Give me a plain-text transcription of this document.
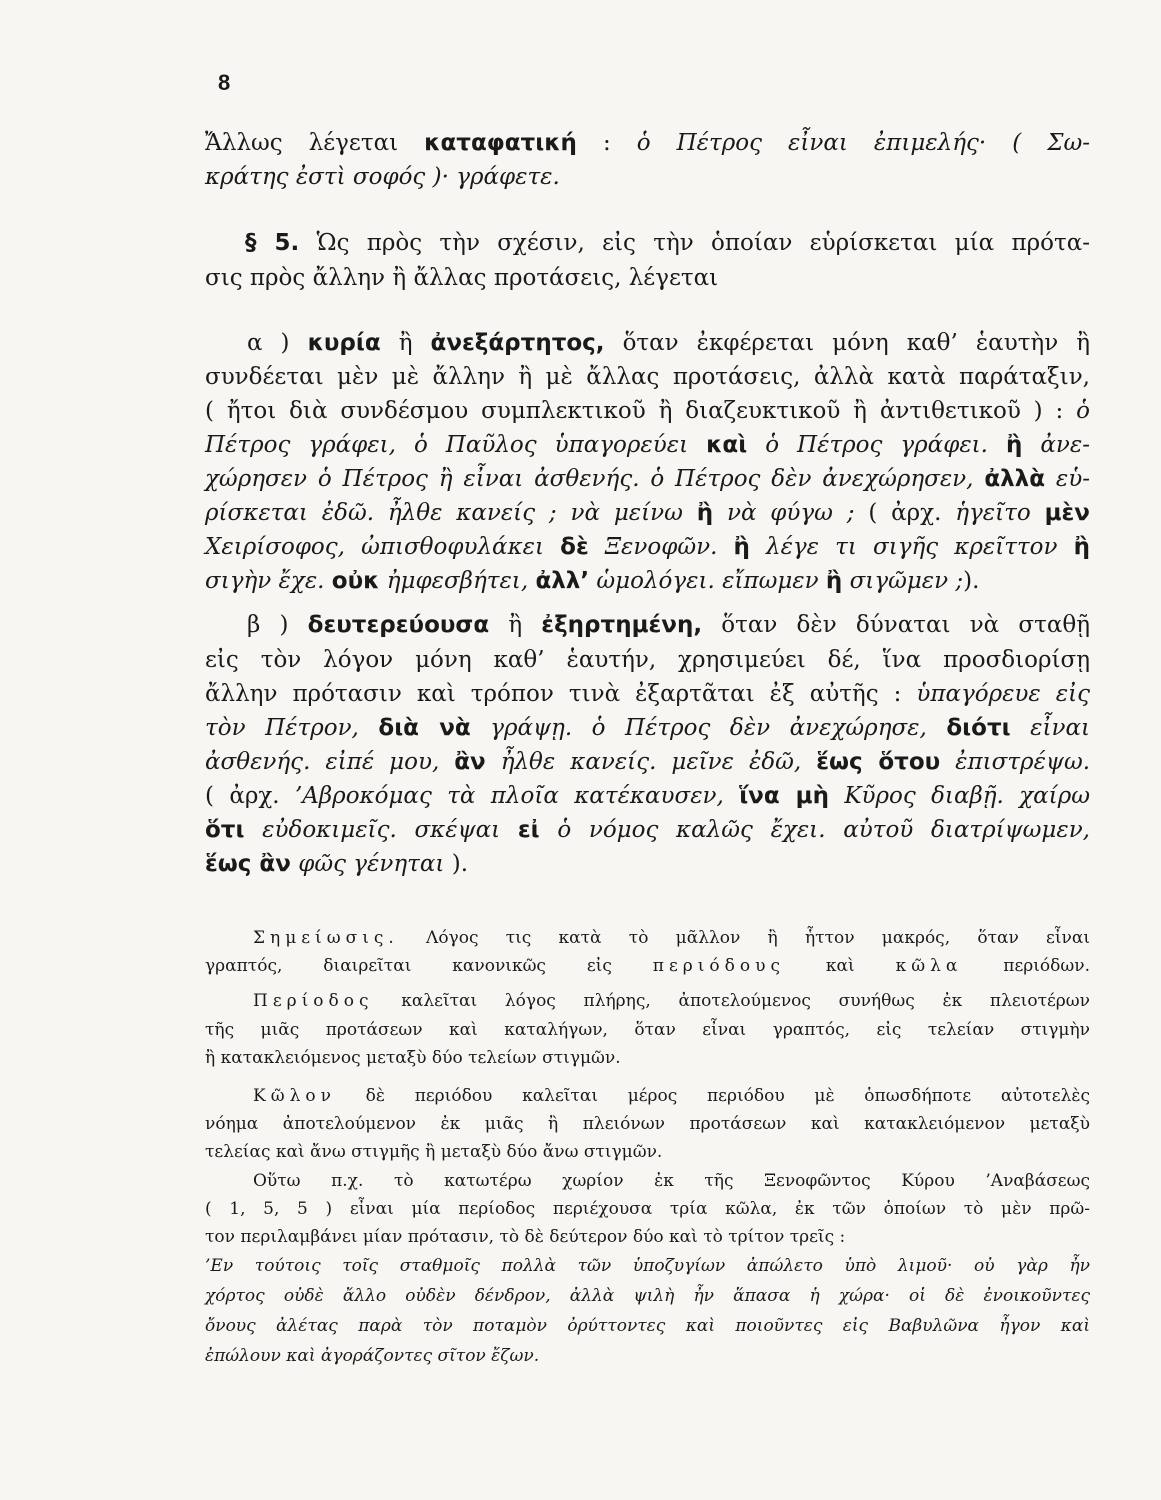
8
Ἄλλως λέγεται καταφατική : ὁ Πέτρος εἶναι ἐπιμελής· ( Σω-
κράτης ἐστὶ σοφός )· γράφετε.
§ 5. Ὡς πρὸς τὴν σχέσιν, εἰς τὴν ὁποίαν εὑρίσκεται μία πρότα-
σις πρὸς ἄλλην ἢ ἄλλας προτάσεις, λέγεται
α ) κυρία ἢ ἀνεξάρτητος, ὅταν ἐκφέρεται μόνη καθ’ ἑαυτὴν ἢ
συνδέεται μὲν μὲ ἄλλην ἢ μὲ ἄλλας προτάσεις, ἀλλὰ κατὰ παράταξιν,
( ἤτοι διὰ συνδέσμου συμπλεκτικοῦ ἢ διαζευκτικοῦ ἢ ἀντιθετικοῦ ) : ὁ
Πέτρος γράφει, ὁ Παῦλος ὑπαγορεύει καὶ ὁ Πέτρος γράφει. ἢ ἀνε-
χώρησεν ὁ Πέτρος ἢ εἶναι ἀσθενής. ὁ Πέτρος δὲν ἀνεχώρησεν, ἀλλὰ εὑ-
ρίσκεται ἐδῶ. ἦλθε κανείς ; νὰ μείνω ἢ νὰ φύγω ; ( ἀρχ. ἡγεῖτο μὲν
Χειρίσοφος, ὠπισθοφυλάκει δὲ Ξενοφῶν. ἢ λέγε τι σιγῆς κρεῖττον ἢ
σιγὴν ἔχε. οὐκ ἠμφεσβήτει, ἀλλ’ ὡμολόγει. εἴπωμεν ἢ σιγῶμεν ;).
β ) δευτερεύουσα ἢ ἐξηρτημένη, ὅταν δὲν δύναται νὰ σταθῇ
εἰς τὸν λόγον μόνη καθ’ ἑαυτήν, χρησιμεύει δέ, ἵνα προσδιορίσῃ
ἄλλην πρότασιν καὶ τρόπον τινὰ ἐξαρτᾶται ἐξ αὐτῆς : ὑπαγόρευε εἰς
τὸν Πέτρον, διὰ νὰ γράψῃ. ὁ Πέτρος δὲν ἀνεχώρησε, διότι εἶναι
ἀσθενής. εἰπέ μου, ἂν ἦλθε κανείς. μεῖνε ἐδῶ, ἕως ὅτου ἐπιστρέψω.
( ἀρχ. ’Αβροκόμας τὰ πλοῖα κατέκαυσεν, ἵνα μὴ Κῦρος διαβῇ. χαίρω
ὅτι εὐδοκιμεῖς. σκέψαι εἰ ὁ νόμος καλῶς ἔχει. αὐτοῦ διατρίψωμεν,
ἕως ἂν φῶς γένηται ).
Σημείωσις. Λόγος τις κατὰ τὸ μᾶλλον ἢ ἧττον μακρός, ὅταν εἶναι
γραπτός, διαιρεῖται κανονικῶς εἰς περιόδους καὶ κῶλα περιόδων.
Περίοδος καλεῖται λόγος πλήρης, ἀποτελούμενος συνήθως ἐκ πλειοτέρων
τῆς μιᾶς προτάσεων καὶ καταλήγων, ὅταν εἶναι γραπτός, εἰς τελείαν στιγμὴν
ἢ κατακλειόμενος μεταξὺ δύο τελείων στιγμῶν.
Κῶλον δὲ περιόδου καλεῖται μέρος περιόδου μὲ ὁπωσδήποτε αὐτοτελὲς
νόημα ἀποτελούμενον ἐκ μιᾶς ἢ πλειόνων προτάσεων καὶ κατακλειόμενον μεταξὺ
τελείας καὶ ἄνω στιγμῆς ἢ μεταξὺ δύο ἄνω στιγμῶν.
Οὕτω π.χ. τὸ κατωτέρω χωρίον ἐκ τῆς Ξενοφῶντος Κύρου ’Αναβάσεως
( 1, 5, 5 ) εἶναι μία περίοδος περιέχουσα τρία κῶλα, ἐκ τῶν ὁποίων τὸ μὲν πρῶ-
τον περιλαμβάνει μίαν πρότασιν, τὸ δὲ δεύτερον δύο καὶ τὸ τρίτον τρεῖς :
’Εν τούτοις τοῖς σταθμοῖς πολλὰ τῶν ὑποζυγίων ἀπώλετο ὑπὸ λιμοῦ· οὐ γὰρ ἦν
χόρτος οὐδὲ ἄλλο οὐδὲν δένδρον, ἀλλὰ ψιλὴ ἦν ἅπασα ἡ χώρα· οἱ δὲ ἐνοικοῦντες
ὄνους ἀλέτας παρὰ τὸν ποταμὸν ὀρύττοντες καὶ ποιοῦντες εἰς Βαβυλῶνα ἦγον καὶ
ἐπώλουν καὶ ἀγοράζοντες σῖτον ἔζων.
